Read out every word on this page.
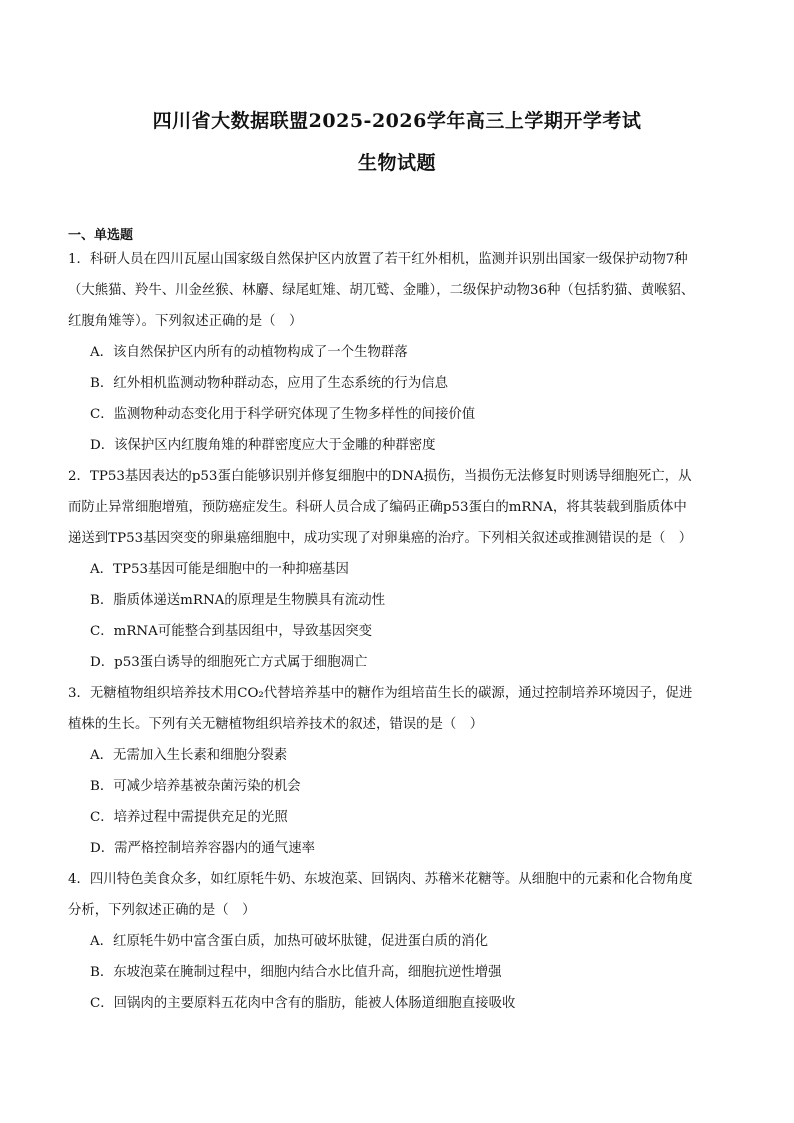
四川省大数据联盟2025-2026学年高三上学期开学考试
生物试题
一、单选题

1．科研人员在四川瓦屋山国家级自然保护区内放置了若干红外相机，监测并识别出国家一级保护动物7种
（大熊猫、羚牛、川金丝猴、林麝、绿尾虹雉、胡兀鹫、金雕），二级保护动物36种（包括豹猫、黄喉貂、
红腹角雉等）。下列叙述正确的是（　）

A．该自然保护区内所有的动植物构成了一个生物群落

B．红外相机监测动物种群动态，应用了生态系统的行为信息

C．监测物种动态变化用于科学研究体现了生物多样性的间接价值

D．该保护区内红腹角雉的种群密度应大于金雕的种群密度

2．TP53基因表达的p53蛋白能够识别并修复细胞中的DNA损伤，当损伤无法修复时则诱导细胞死亡，从
而防止异常细胞增殖，预防癌症发生。科研人员合成了编码正确p53蛋白的mRNA，将其装载到脂质体中
递送到TP53基因突变的卵巢癌细胞中，成功实现了对卵巢癌的治疗。下列相关叙述或推测错误的是（　）

A．TP53基因可能是细胞中的一种抑癌基因

B．脂质体递送mRNA的原理是生物膜具有流动性

C．mRNA可能整合到基因组中，导致基因突变

D．p53蛋白诱导的细胞死亡方式属于细胞凋亡

3．无糖植物组织培养技术用CO₂代替培养基中的糖作为组培苗生长的碳源，通过控制培养环境因子，促进
植株的生长。下列有关无糖植物组织培养技术的叙述，错误的是（　）

A．无需加入生长素和细胞分裂素

B．可减少培养基被杂菌污染的机会

C．培养过程中需提供充足的光照

D．需严格控制培养容器内的通气速率

4．四川特色美食众多，如红原牦牛奶、东坡泡菜、回锅肉、苏稽米花糖等。从细胞中的元素和化合物角度
分析，下列叙述正确的是（　）

A．红原牦牛奶中富含蛋白质，加热可破坏肽键，促进蛋白质的消化

B．东坡泡菜在腌制过程中，细胞内结合水比值升高，细胞抗逆性增强

C．回锅肉的主要原料五花肉中含有的脂肪，能被人体肠道细胞直接吸收
